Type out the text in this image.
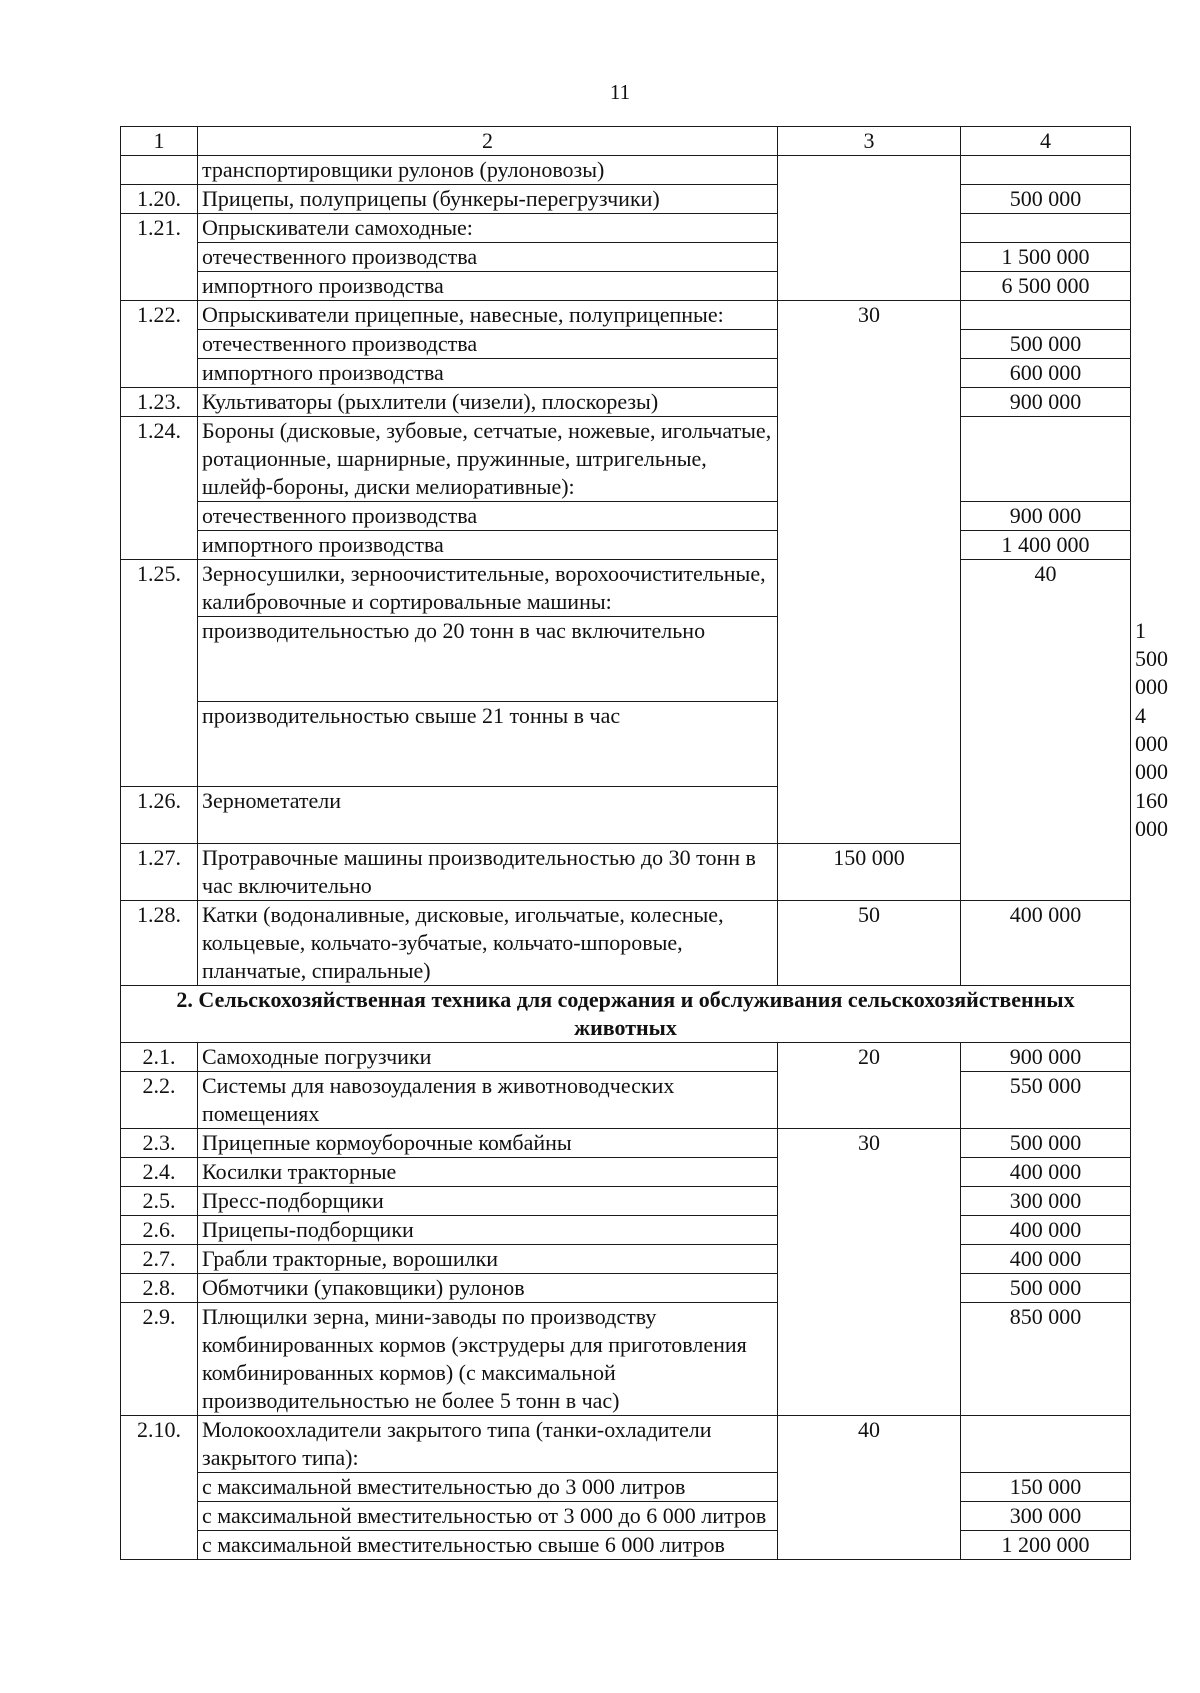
11
1	2	3	4	
	транспортировщики рулонов (рулоновозы)			
1.20.	Прицепы, полуприцепы (бункеры-перегрузчики)		500 000	
1.21.	Опрыскиватели самоходные:			
	отечественного производства		1 500 000	
	импортного производства		6 500 000	
1.22.	Опрыскиватели прицепные, навесные, полуприцепные:	30		
	отечественного производства		500 000	
	импортного производства		600 000	
1.23.	Культиваторы (рыхлители (чизели), плоскорезы)		900 000	
1.24.	Бороны (дисковые, зубовые, сетчатые, ножевые, игольчатые, ротационные, шарнирные, пружинные, штригельные, шлейф-бороны, диски мелиоративные):			
	отечественного производства		900 000	
	импортного производства		1 400 000	
1.25.	Зерносушилки, зерноочистительные, ворохоочистительные, калибровочные и сортировальные машины:		40	
	производительностью до 20 тонн в час включительно			1 500 000
	производительностью свыше 21 тонны в час			4 000 000
1.26.	Зернометатели			160 000
1.27.	Протравочные машины производительностью до 30 тонн в час включительно	150 000		
1.28.	Катки (водоналивные, дисковые, игольчатые, колесные, кольцевые, кольчато-зубчатые, кольчато-шпоровые, планчатые, спиральные)	50	400 000	
2. Сельскохозяйственная техника для содержания и обслуживания сельскохозяйственных животных				
2.1.	Самоходные погрузчики	20	900 000	
2.2.	Системы для навозоудаления в животноводческих помещениях		550 000	
2.3.	Прицепные кормоуборочные комбайны	30	500 000	
2.4.	Косилки тракторные		400 000	
2.5.	Пресс-подборщики		300 000	
2.6.	Прицепы-подборщики		400 000	
2.7.	Грабли тракторные, ворошилки		400 000	
2.8.	Обмотчики (упаковщики) рулонов		500 000	
2.9.	Плющилки зерна, мини-заводы по производству комбинированных кормов (экструдеры для приготовления комбинированных кормов) (с максимальной производительностью не более 5 тонн в час)		850 000	
2.10.	Молокоохладители закрытого типа (танки-охладители закрытого типа):	40		
	с максимальной вместительностью до 3 000 литров		150 000	
	с максимальной вместительностью от 3 000 до 6 000 литров		300 000	
	с максимальной вместительностью свыше 6 000 литров		1 200 000	
